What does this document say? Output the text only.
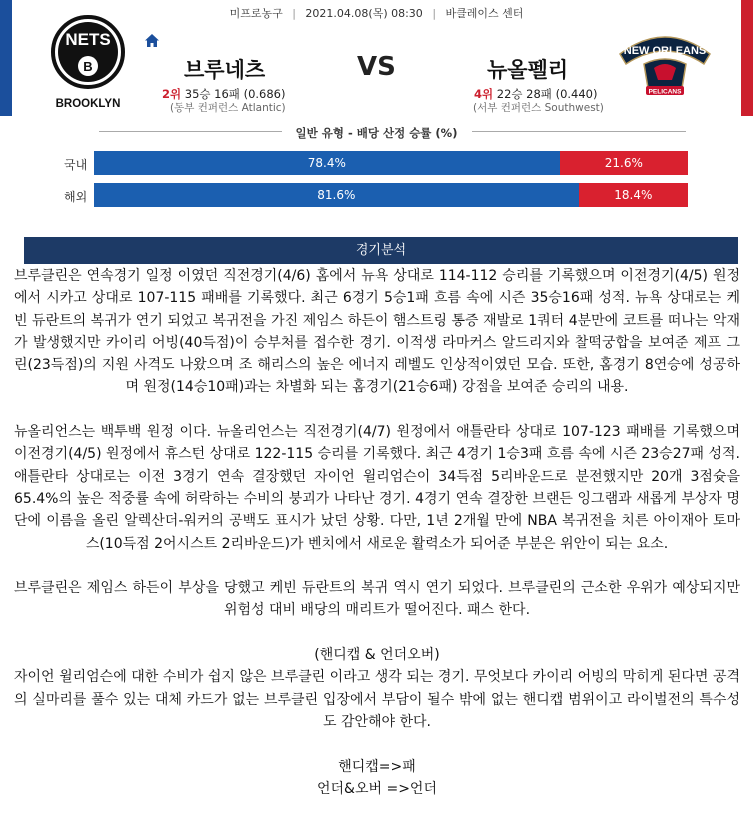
미프로농구 | 2021.04.08(목) 08:30 | 바클레이스 센터
NETS
B
BROOKLYN
NEW ORLEANS
PELICANS
브루네츠	VS	뉴올펠리
2위 35승 16패 (0.686)
(동부 컨퍼런스 Atlantic)
4위 22승 28패 (0.440)
(서부 컨퍼런스 Southwest)
일반 유형 - 배당 산정 승률 (%)
국내	78.4%	21.6%
해외	81.6%	18.4%
경기분석

브루클린은 연속경기 일정 이였던 직전경기(4/6) 홈에서 뉴욕 상대로 114-112 승리를 기록했으며 이전경기(4/5) 원정에서 시카고 상대로 107-115 패배를 기록했다. 최근 6경기 5승1패 흐름 속에 시즌 35승16패 성적. 뉴욕 상대로는 케빈 듀란트의 복귀가 연기 되었고 복귀전을 가진 제임스 하든이 햄스트링 통증 재발로 1쿼터 4분만에 코트를 떠나는 악재가 발생했지만 카이리 어빙(40득점)이 승부처를 접수한 경기. 이적생 라마커스 알드리지와 찰떡궁합을 보여준 제프 그린(23득점)의 지원 사격도 나왔으며 조 해리스의 높은 에너지 레벨도 인상적이였던 모습. 또한, 홈경기 8연승에 성공하며 원정(14승10패)과는 차별화 되는 홈경기(21승6패) 강점을 보여준 승리의 내용.

뉴올리언스는 백투백 원정 이다. 뉴올리언스는 직전경기(4/7) 원정에서 애틀란타 상대로 107-123 패배를 기록했으며 이전경기(4/5) 원정에서 휴스턴 상대로 122-115 승리를 기록했다. 최근 4경기 1승3패 흐름 속에 시즌 23승27패 성적. 애틀란타 상대로는 이전 3경기 연속 결장했던 자이언 윌리엄슨이 34득점 5리바운드로 분전했지만 20개 3점슛을 65.4%의 높은 적중률 속에 허락하는 수비의 붕괴가 나타난 경기. 4경기 연속 결장한 브랜든 잉그램과 새롭게 부상자 명단에 이름을 올린 알렉산더-워커의 공백도 표시가 났던 상황. 다만, 1년 2개월 만에 NBA 복귀전을 치른 아이재아 토마스(10득점 2어시스트 2리바운드)가 벤치에서 새로운 활력소가 되어준 부분은 위안이 되는 요소.

브루클린은 제임스 하든이 부상을 당했고 케빈 듀란트의 복귀 역시 연기 되었다. 브루클린의 근소한 우위가 예상되지만 위험성 대비 배당의 매리트가 떨어진다. 패스 한다.

(핸디캡 & 언더오버)

자이언 윌리엄슨에 대한 수비가 쉽지 않은 브루클린 이라고 생각 되는 경기. 무엇보다 카이리 어빙의 막히게 된다면 공격의 실마리를 풀수 있는 대체 카드가 없는 브루클린 입장에서 부담이 될수 밖에 없는 핸디캡 범위이고 라이벌전의 특수성도 감안해야 한다.

핸디캡=>패

언더&오버 =>언더
